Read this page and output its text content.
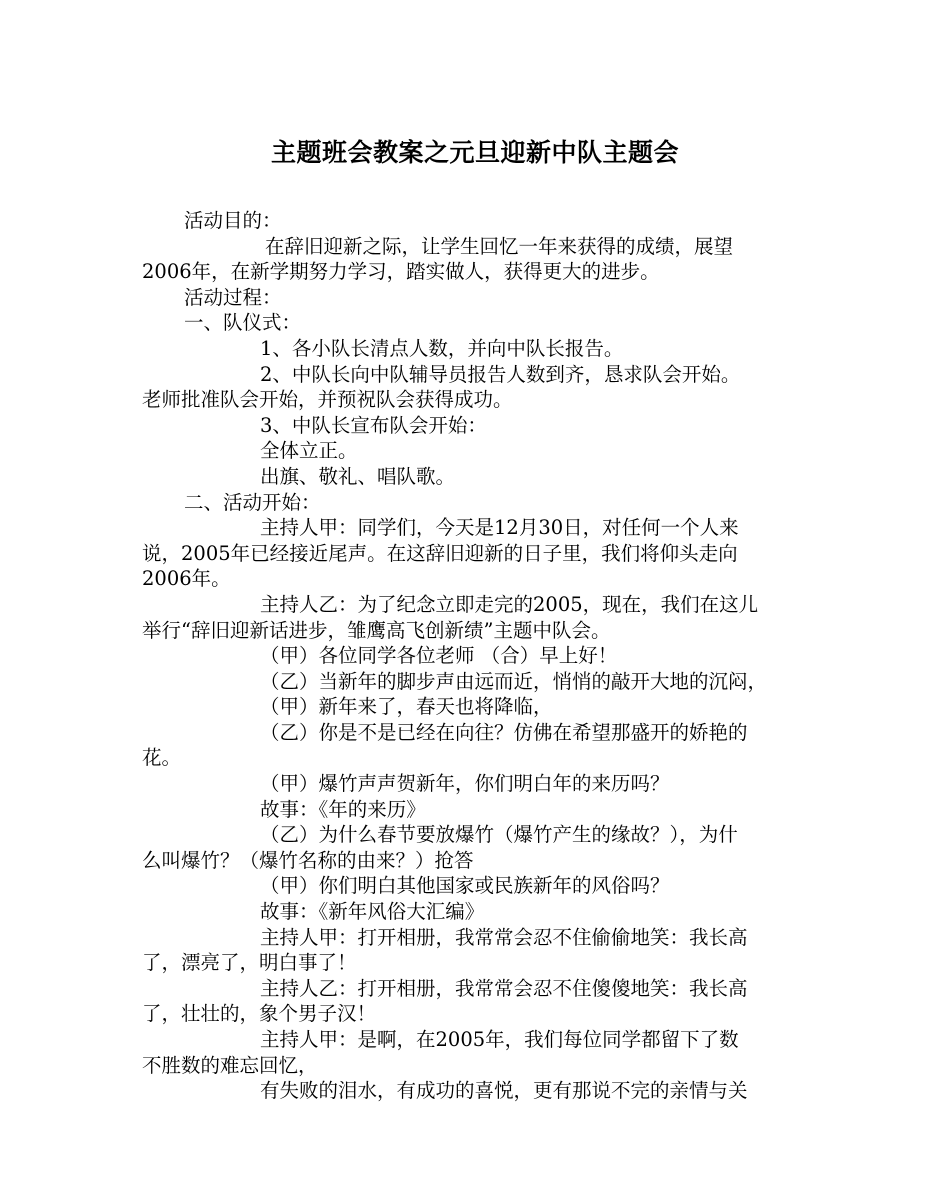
主题班会教案之元旦迎新中队主题会

活动目的：

在辞旧迎新之际，让学生回忆一年来获得的成绩，展望

2006年，在新学期努力学习，踏实做人，获得更大的进步。

活动过程：

一、队仪式：

1、各小队长清点人数，并向中队长报告。

2、中队长向中队辅导员报告人数到齐，恳求队会开始。

老师批准队会开始，并预祝队会获得成功。

3、中队长宣布队会开始：

全体立正。

出旗、敬礼、唱队歌。

二、活动开始：

主持人甲：同学们，今天是12月30日，对任何一个人来

说，2005年已经接近尾声。在这辞旧迎新的日子里，我们将仰头走向

2006年。

主持人乙：为了纪念立即走完的2005，现在，我们在这儿

举行“辞旧迎新话进步，雏鹰高飞创新绩”主题中队会。

（甲）各位同学各位老师 （合）早上好！

（乙）当新年的脚步声由远而近，悄悄的敲开大地的沉闷，

（甲）新年来了，春天也将降临，

（乙）你是不是已经在向往？仿佛在希望那盛开的娇艳的

花。

（甲）爆竹声声贺新年，你们明白年的来历吗？

故事：《年的来历》

（乙）为什么春节要放爆竹（爆竹产生的缘故？），为什

么叫爆竹？（爆竹名称的由来？）抢答

（甲）你们明白其他国家或民族新年的风俗吗？

故事：《新年风俗大汇编》

主持人甲：打开相册，我常常会忍不住偷偷地笑：我长高

了，漂亮了，明白事了！

主持人乙：打开相册，我常常会忍不住傻傻地笑：我长高

了，壮壮的，象个男子汉！

主持人甲：是啊，在2005年，我们每位同学都留下了数

不胜数的难忘回忆，

有失败的泪水，有成功的喜悦，更有那说不完的亲情与关
